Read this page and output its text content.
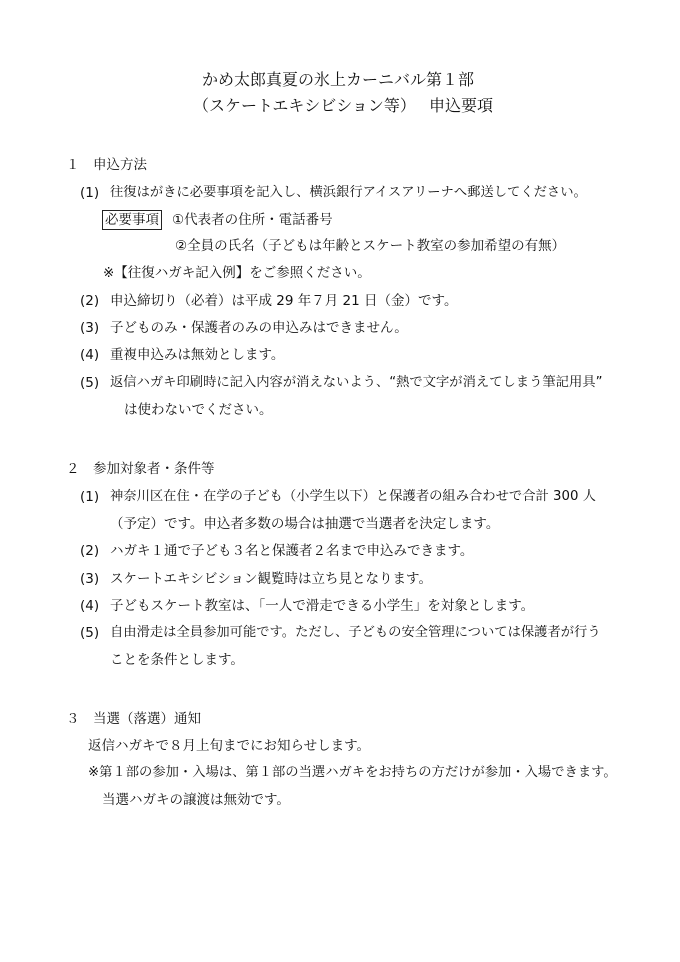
かめ太郎真夏の氷上カーニバル第１部
（スケートエキシビション等）　 申込要項
１　申込方法
(1) 往復はがきに必要事項を記入し、横浜銀行アイスアリーナへ郵送してください。
必要事項 ①代表者の住所・電話番号
②全員の氏名（子どもは年齢とスケート教室の参加希望の有無）
※【往復ハガキ記入例】をご参照ください。
(2) 申込締切り（必着）は平成 29 年７月 21 日（金）です。
(3) 子どものみ・保護者のみの申込みはできません。
(4) 重複申込みは無効とします。
(5) 返信ハガキ印刷時に記入内容が消えないよう、“熱で文字が消えてしまう筆記用具”
は使わないでください。
２　参加対象者・条件等
(1) 神奈川区在住・在学の子ども（小学生以下）と保護者の組み合わせで合計 300 人
（予定）です。申込者多数の場合は抽選で当選者を決定します。
(2) ハガキ１通で子ども３名と保護者２名まで申込みできます。
(3) スケートエキシビション観覧時は立ち見となります。
(4) 子どもスケート教室は、「一人で滑走できる小学生」を対象とします。
(5) 自由滑走は全員参加可能です。ただし、子どもの安全管理については保護者が行う
ことを条件とします。
３　当選（落選）通知
返信ハガキで８月上旬までにお知らせします。
※第１部の参加・入場は、第１部の当選ハガキをお持ちの方だけが参加・入場できます。
当選ハガキの譲渡は無効です。
